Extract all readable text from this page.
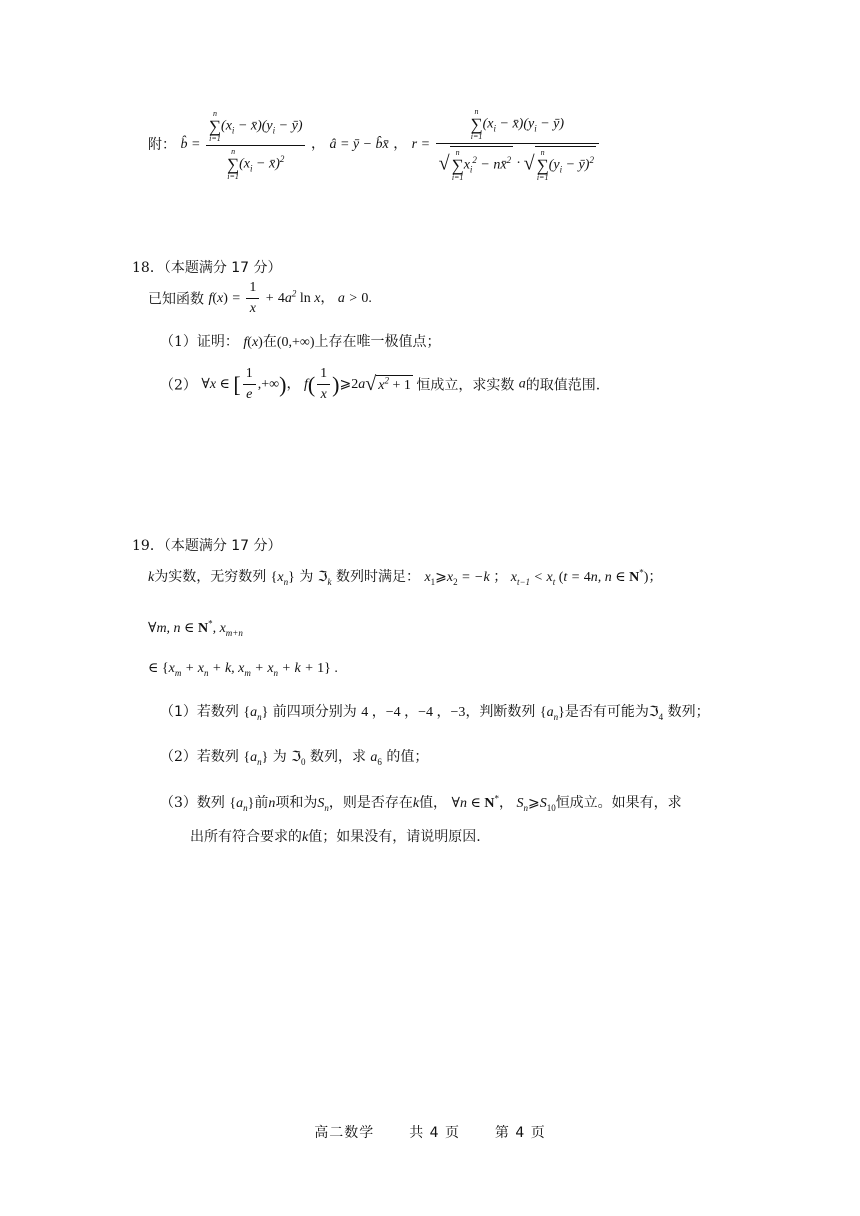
附： b̂ = n
∑
i=1
($x_i$ − $x̄)(y_i$ − ȳ)
n
∑
i=1
($x_i$ − x̄)$^2$ ， â = ȳ − b̂x̄ ， r = n
∑
i=1
($x_i$ − $x̄)(y_i$ − ȳ)
√ n
∑
i=1
$x_i^2$ − nx̄$^2$ · √ n
∑
i=1
($y_i$ − ȳ)$^2$
18．（本题满分 17 分）
已知函数 $f(x) = \frac{1}{x} + 4a^2$ ln x， a > 0.
（1）证明： f(x)在(0,+∞)上存在唯一极值点；
（2） ∀x ∈ [ $\frac{1}{e}$ ,+∞)， $f( \frac{1}{x}$ )⩾2a√ $x^2 + 1$ 恒成立，求实数 a的取值范围.
19．（本题满分 17 分）
k为实数，无穷数列 $\{x_n\}$ 为 ℑ$_k$ 数列时满足： $x_1⩾x_2 = -k$ ； $x_{t-1} < x_t$ (t = 4n, n ∈ N*)；
∀m, n ∈ N*, $x_{m+n}$
∈ {$x_m + x_n + k$, $x_m + x_n + k + 1$} .
（1）若数列 $\{a_n\}$ 前四项分别为 4 ，−4 ，−4 ，−3，判断数列 $\{a_n\}$是否有可能为ℑ$_4$ 数列；
（2）若数列 $\{a_n\}$ 为 ℑ$_0$ 数列，求 $a_6$ 的值；
（3）数列 $\{a_n\}$前n项和为$S_n$，则是否存在k值， ∀n ∈ N*， $S_n⩾S_{10}$恒成立。如果有，求
出所有符合要求的k值；如果没有，请说明原因.
高二数学 共 4 页 第 4 页
